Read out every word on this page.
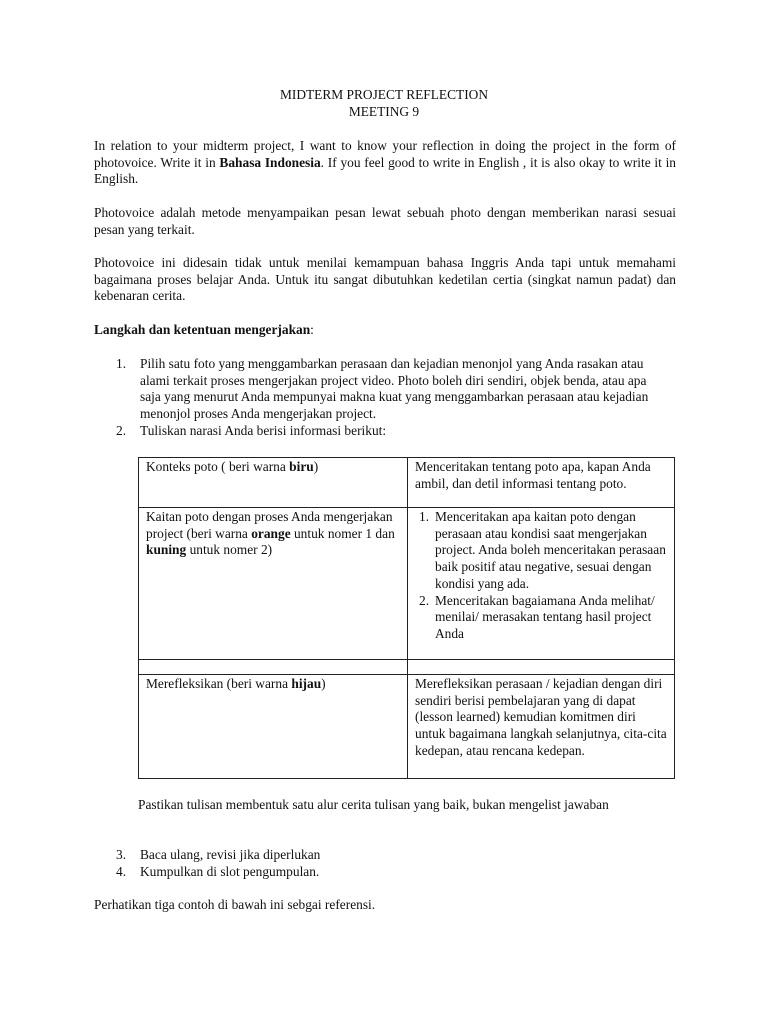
MIDTERM PROJECT REFLECTION
MEETING 9
In relation to your midterm project, I want to know your reflection in doing the project in the form of photovoice. Write it in Bahasa Indonesia. If you feel good to write in English , it is also okay to write it in English.
Photovoice adalah metode menyampaikan pesan lewat sebuah photo dengan memberikan narasi sesuai pesan yang terkait.
Photovoice ini didesain tidak untuk menilai kemampuan bahasa Inggris Anda tapi untuk memahami bagaimana proses belajar Anda. Untuk itu sangat dibutuhkan kedetilan certia (singkat namun padat) dan kebenaran cerita.
Langkah dan ketentuan mengerjakan:
1. Pilih satu foto yang menggambarkan perasaan dan kejadian menonjol yang Anda rasakan atau alami terkait proses mengerjakan project video. Photo boleh diri sendiri, objek benda, atau apa saja yang menurut Anda mempunyai makna kuat yang menggambarkan perasaan atau kejadian menonjol proses Anda mengerjakan project.
2. Tuliskan narasi Anda berisi informasi berikut:
Konteks poto ( beri warna biru)	Menceritakan tentang poto apa, kapan Anda ambil, dan detil informasi tentang poto.
Kaitan poto dengan proses Anda mengerjakan project (beri warna orange untuk nomer 1 dan kuning untuk nomer 2)	1. Menceritakan apa kaitan poto dengan perasaan atau kondisi saat mengerjakan project. Anda boleh menceritakan perasaan baik positif atau negative, sesuai dengan kondisi yang ada.
2. Menceritakan bagaiamana Anda melihat/ menilai/ merasakan tentang hasil project Anda

Merefleksikan (beri warna hijau)	Merefleksikan perasaan / kejadian dengan diri sendiri berisi pembelajaran yang di dapat (lesson learned) kemudian komitmen diri untuk bagaimana langkah selanjutnya, cita-cita kedepan, atau rencana kedepan.
Pastikan tulisan membentuk satu alur cerita tulisan yang baik, bukan mengelist jawaban
3. Baca ulang, revisi jika diperlukan
4. Kumpulkan di slot pengumpulan.
Perhatikan tiga contoh di bawah ini sebgai referensi.
